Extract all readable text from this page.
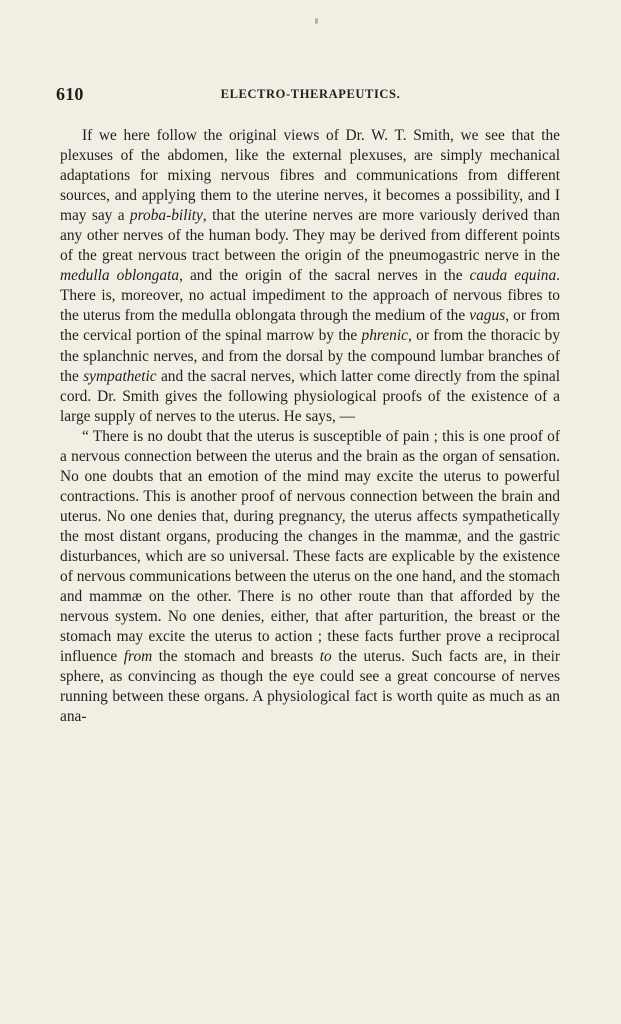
610	ELECTRO-THERAPEUTICS.

If we here follow the original views of Dr. W. T. Smith, we see that the plexuses of the abdomen, like the external plexuses, are simply mechanical adaptations for mixing nervous fibres and communications from different sources, and applying them to the uterine nerves, it becomes a possibility, and I may say a proba-bility, that the uterine nerves are more variously derived than any other nerves of the human body. They may be derived from different points of the great nervous tract between the origin of the pneumogastric nerve in the medulla oblongata, and the origin of the sacral nerves in the cauda equina. There is, moreover, no actual impediment to the approach of nervous fibres to the uterus from the medulla oblongata through the medium of the vagus, or from the cervical portion of the spinal marrow by the phrenic, or from the thoracic by the splanchnic nerves, and from the dorsal by the compound lumbar branches of the sympathetic and the sacral nerves, which latter come directly from the spinal cord. Dr. Smith gives the following physiological proofs of the existence of a large supply of nerves to the uterus. He says, —

“ There is no doubt that the uterus is susceptible of pain ; this is one proof of a nervous connection between the uterus and the brain as the organ of sensation. No one doubts that an emotion of the mind may excite the uterus to powerful contractions. This is another proof of nervous connection between the brain and uterus. No one denies that, during pregnancy, the uterus affects sympathetically the most distant organs, producing the changes in the mammæ, and the gastric disturbances, which are so universal. These facts are explicable by the existence of nervous communications between the uterus on the one hand, and the stomach and mammæ on the other. There is no other route than that afforded by the nervous system. No one denies, either, that after parturition, the breast or the stomach may excite the uterus to action ; these facts further prove a reciprocal influence from the stomach and breasts to the uterus. Such facts are, in their sphere, as convincing as though the eye could see a great concourse of nerves running between these organs. A physiological fact is worth quite as much as an ana-
